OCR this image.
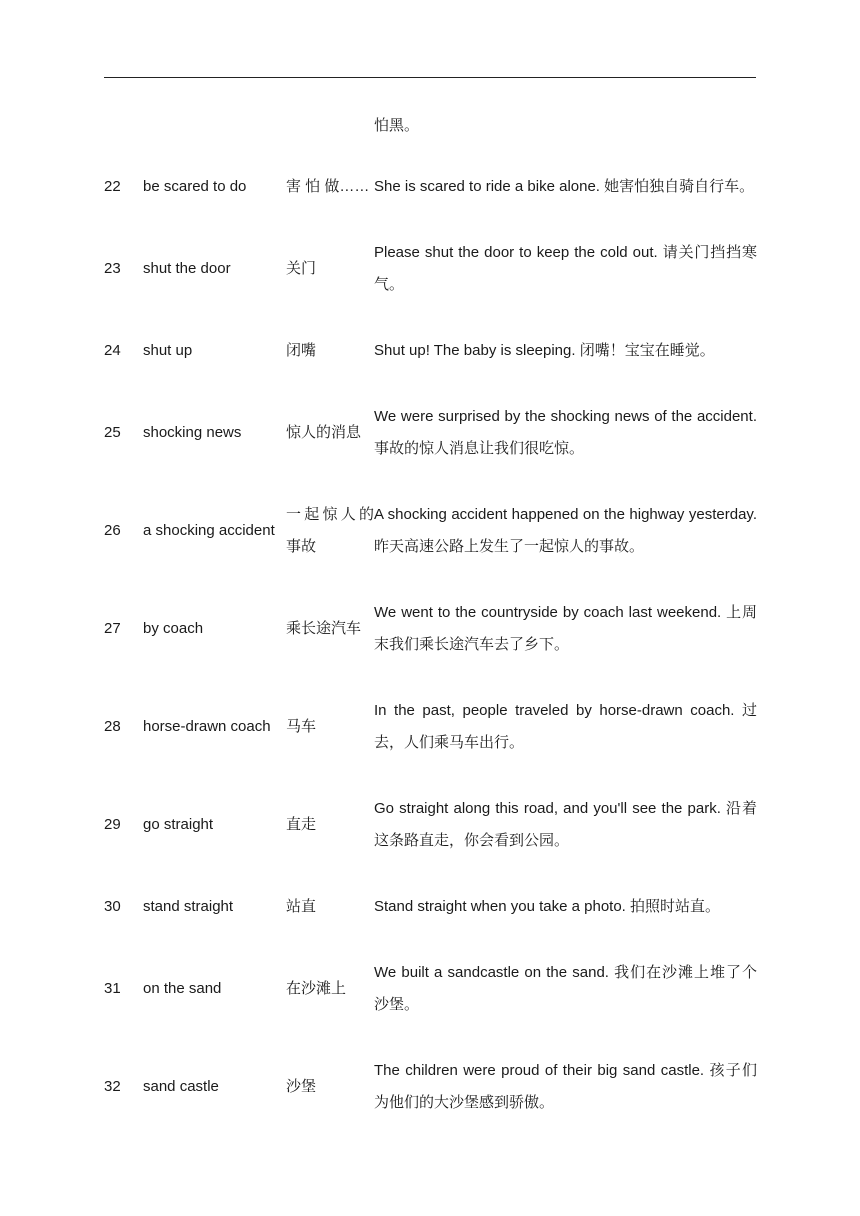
			怕黑。
22	be scared to do	害 怕 做……	She is scared to ride a bike alone. 她害怕独自骑自行车。
23	shut the door	关门	Please shut the door to keep the cold out. 请关门挡挡寒气。
24	shut up	闭嘴	Shut up! The baby is sleeping. 闭嘴！宝宝在睡觉。
25	shocking news	惊人的消息	We were surprised by the shocking news of the accident. 事故的惊人消息让我们很吃惊。
26	a shocking accident	一起惊人的事故	A shocking accident happened on the highway yesterday. 昨天高速公路上发生了一起惊人的事故。
27	by coach	乘长途汽车	We went to the countryside by coach last weekend. 上周末我们乘长途汽车去了乡下。
28	horse-drawn coach	马车	In the past, people traveled by horse-drawn coach. 过去，人们乘马车出行。
29	go straight	直走	Go straight along this road, and you'll see the park. 沿着这条路直走，你会看到公园。
30	stand straight	站直	Stand straight when you take a photo. 拍照时站直。
31	on the sand	在沙滩上	We built a sandcastle on the sand. 我们在沙滩上堆了个沙堡。
32	sand castle	沙堡	The children were proud of their big sand castle. 孩子们为他们的大沙堡感到骄傲。
